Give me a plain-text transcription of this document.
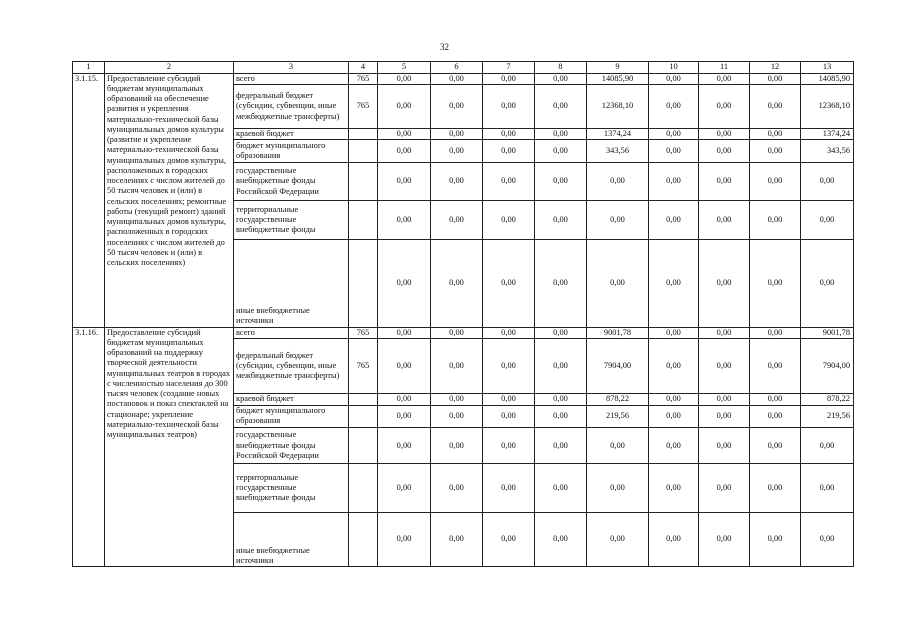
32
1	2	3	4	5	6	7	8	9	10	11	12	13
3.1.15.	Предоставление субсидий бюджетам муниципальных образований на обеспечение развития и укрепления материально-технической базы муниципальных домов культуры (развитие и укрепление материально-технической базы муниципальных домов культуры, расположенных в городских поселениях с числом жителей до 50 тысяч человек и (или) в сельских поселениях; ремонтные работы (текущий ремонт) зданий муниципальных домов культуры, расположенных в городских поселениях с числом жителей до 50 тысяч человек и (или) в сельских поселениях)	всего	765	0,00	0,00	0,00	0,00	14085,90	0,00	0,00	0,00	14085,90
		федеральный бюджет (субсидии, субвенции, иные межбюджетные трансферты)	765	0,00	0,00	0,00	0,00	12368,10	0,00	0,00	0,00	12368,10
		краевой бюджет		0,00	0,00	0,00	0,00	1374,24	0,00	0,00	0,00	1374,24
		бюджет муниципального образования		0,00	0,00	0,00	0,00	343,56	0,00	0,00	0,00	343,56
		государственные внебюджетные фонды Российской Федерации		0,00	0,00	0,00	0,00	0,00	0,00	0,00	0,00	0,00
		территориальные государственные внебюджетные фонды		0,00	0,00	0,00	0,00	0,00	0,00	0,00	0,00	0,00
		иные внебюджетные источники		0,00	0,00	0,00	0,00	0,00	0,00	0,00	0,00	0,00
3.1.16.	Предоставление субсидий бюджетам муниципальных образований на поддержку творческой деятельности муниципальных театров в городах с численностью населения до 300 тысяч человек (создание новых постановок и показ спектаклей на стационаре; укрепление материально-технической базы муниципальных театров)	всего	765	0,00	0,00	0,00	0,00	9001,78	0,00	0,00	0,00	9001,78
		федеральный бюджет (субсидии, субвенции, иные межбюджетные трансферты)	765	0,00	0,00	0,00	0,00	7904,00	0,00	0,00	0,00	7904,00
		краевой бюджет		0,00	0,00	0,00	0,00	878,22	0,00	0,00	0,00	878,22
		бюджет муниципального образования		0,00	0,00	0,00	0,00	219,56	0,00	0,00	0,00	219,56
		государственные внебюджетные фонды Российской Федерации		0,00	0,00	0,00	0,00	0,00	0,00	0,00	0,00	0,00
		территориальные государственные внебюджетные фонды		0,00	0,00	0,00	0,00	0,00	0,00	0,00	0,00	0,00
		иные внебюджетные источники		0,00	0,00	0,00	0,00	0,00	0,00	0,00	0,00	0,00
